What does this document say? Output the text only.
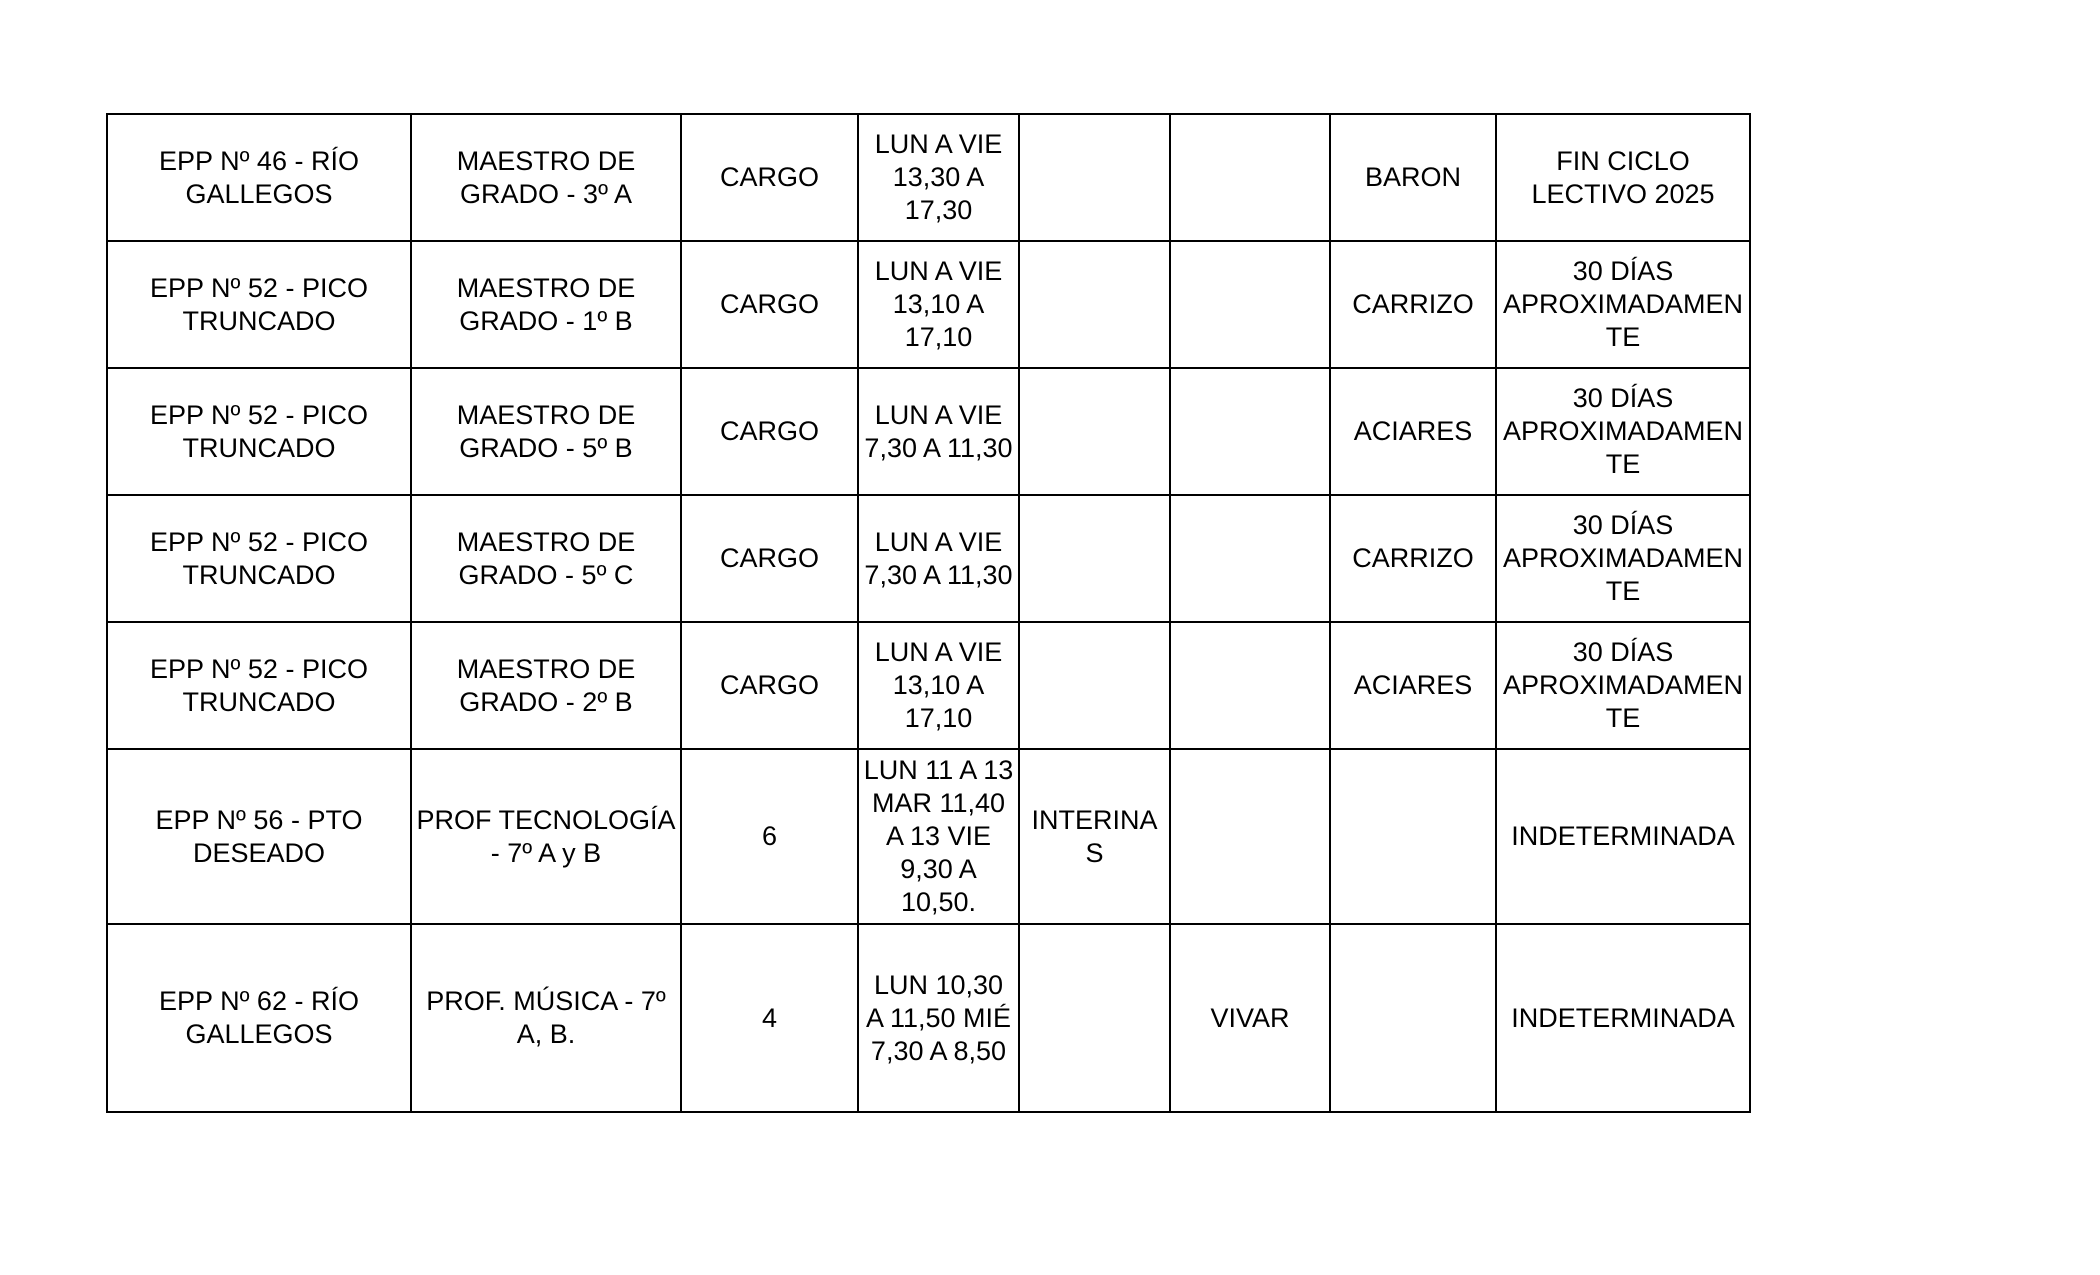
EPP Nº 46 - RÍO GALLEGOS	MAESTRO DE GRADO - 3º A	CARGO	LUN A VIE 13,30 A 17,30			BARON	FIN CICLO LECTIVO 2025
EPP Nº 52 - PICO TRUNCADO	MAESTRO DE GRADO - 1º B	CARGO	LUN A VIE 13,10 A 17,10			CARRIZO	30 DÍAS APROXIMADAMENTE
EPP Nº 52 - PICO TRUNCADO	MAESTRO DE GRADO - 5º B	CARGO	LUN A VIE 7,30 A 11,30			ACIARES	30 DÍAS APROXIMADAMENTE
EPP Nº 52 - PICO TRUNCADO	MAESTRO DE GRADO - 5º C	CARGO	LUN A VIE 7,30 A 11,30			CARRIZO	30 DÍAS APROXIMADAMENTE
EPP Nº 52 - PICO TRUNCADO	MAESTRO DE GRADO - 2º B	CARGO	LUN A VIE 13,10 A 17,10			ACIARES	30 DÍAS APROXIMADAMENTE
EPP Nº 56 - PTO DESEADO	PROF TECNOLOGÍA - 7º A y B	6	LUN 11 A 13 MAR 11,40 A 13 VIE 9,30 A 10,50.	INTERINAS			INDETERMINADA
EPP Nº 62 - RÍO GALLEGOS	PROF. MÚSICA - 7º A, B.	4	LUN 10,30 A 11,50 MIÉ 7,30 A 8,50		VIVAR		INDETERMINADA
